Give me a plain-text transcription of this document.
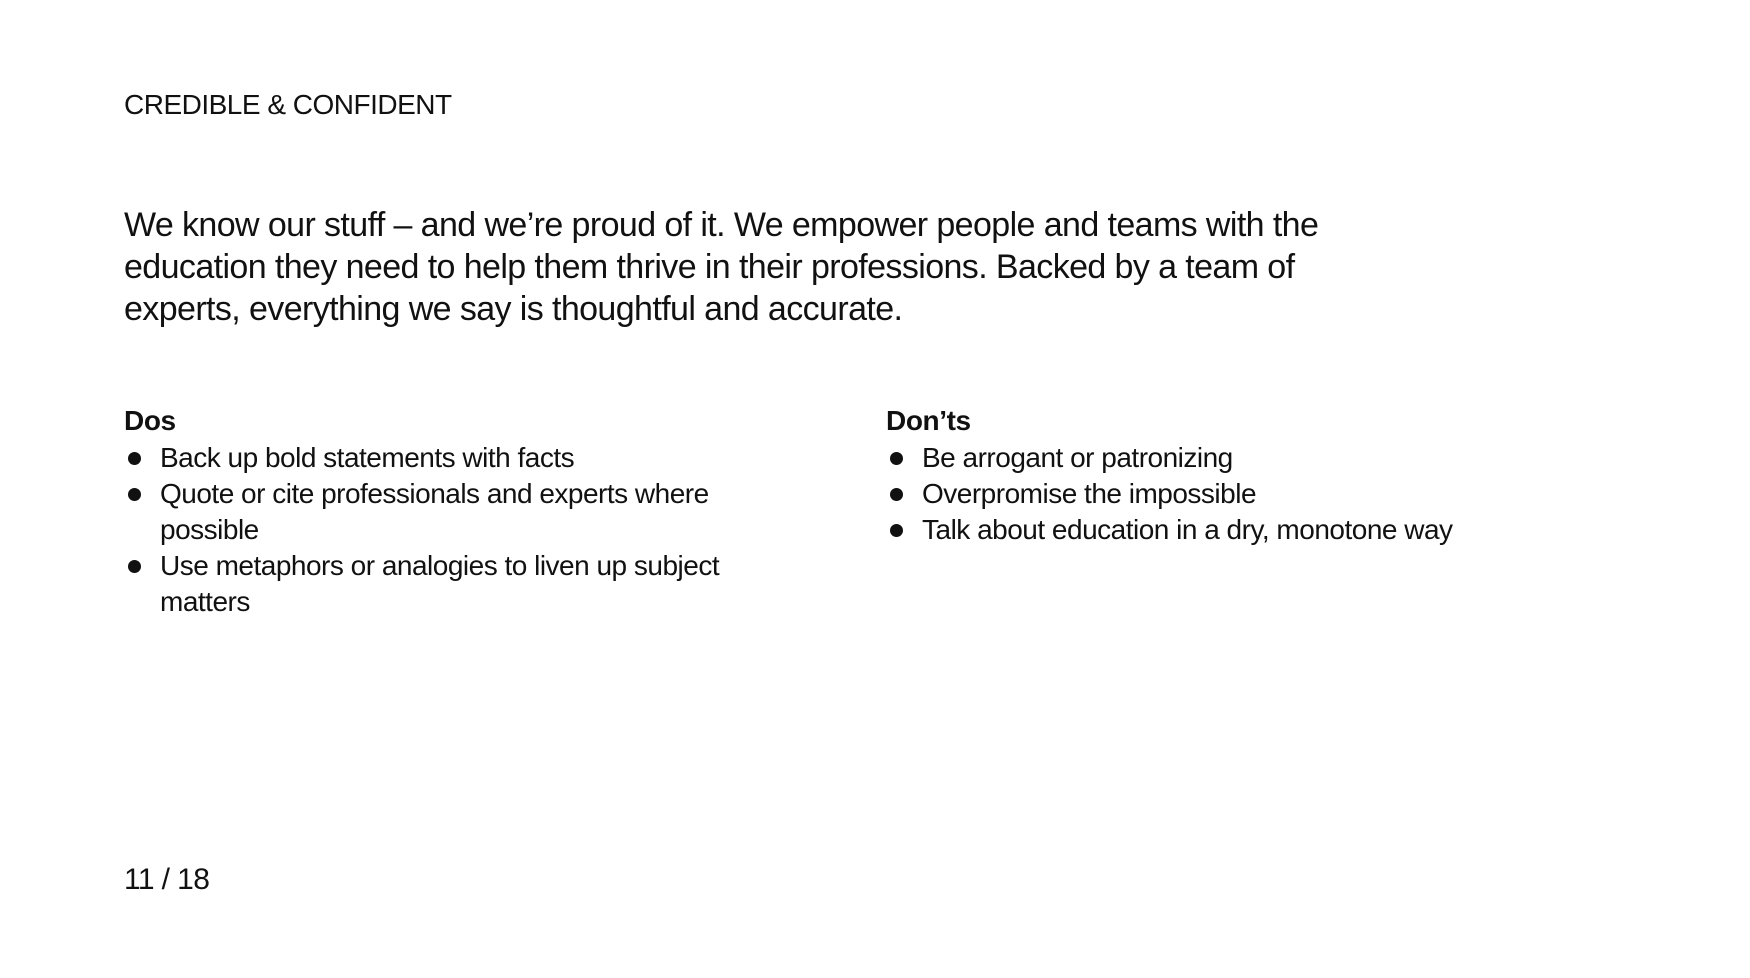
CREDIBLE & CONFIDENT

We know our stuff – and we’re proud of it. We empower people and teams with the education they need to help them thrive in their professions. Backed by a team of experts, everything we say is thoughtful and accurate.

Dos
Back up bold statements with facts
Quote or cite professionals and experts where possible
Use metaphors or analogies to liven up subject matters
Don’ts
Be arrogant or patronizing
Overpromise the impossible
Talk about education in a dry, monotone way

11 / 18
